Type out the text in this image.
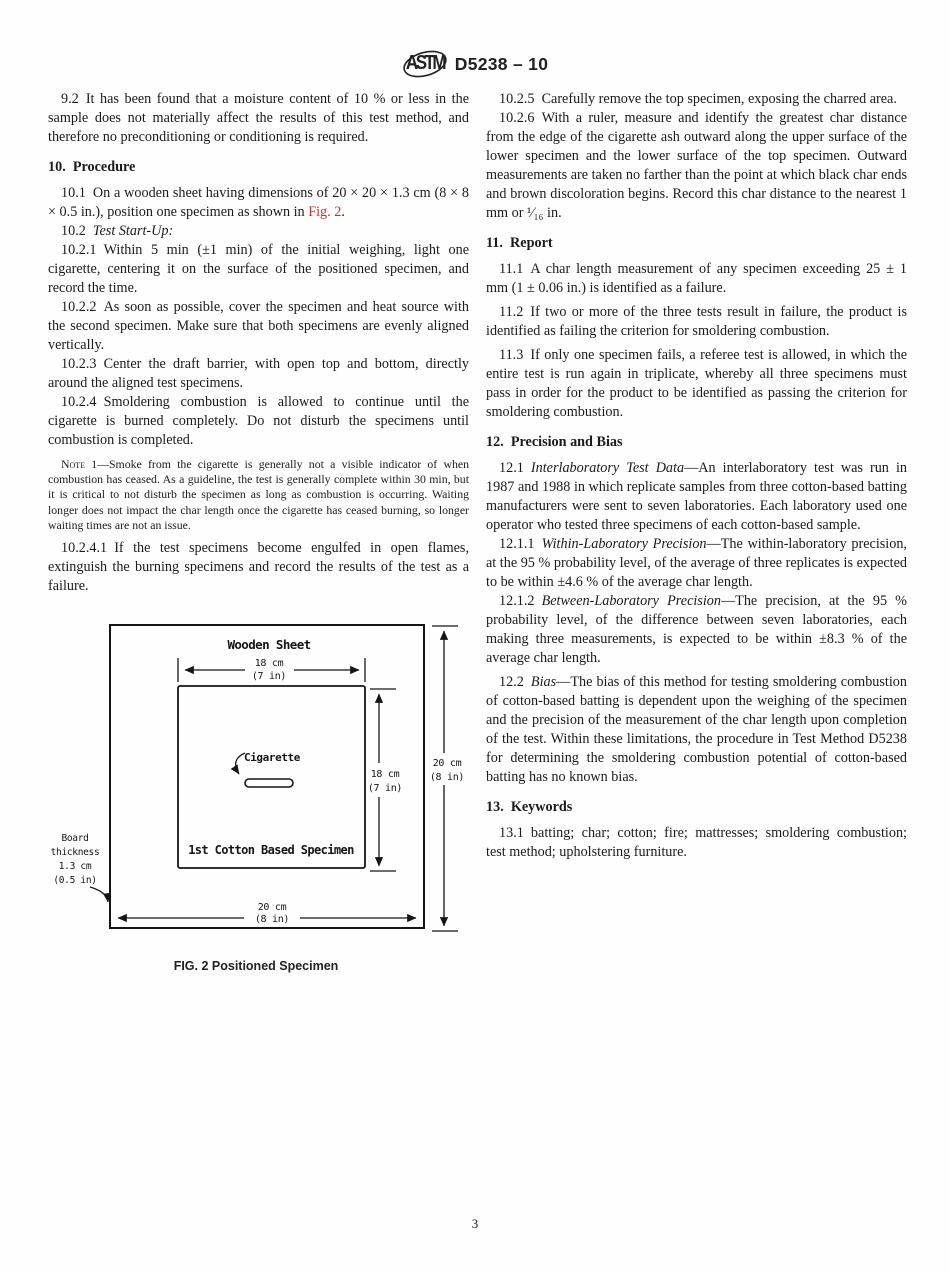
ASTM D5238 – 10

9.2 It has been found that a moisture content of 10 % or less in the sample does not materially affect the results of this test method, and therefore no preconditioning or conditioning is required.

10. Procedure

10.1 On a wooden sheet having dimensions of 20 × 20 × 1.3 cm (8 × 8 × 0.5 in.), position one specimen as shown in Fig. 2.

10.2 Test Start-Up:

10.2.1 Within 5 min (±1 min) of the initial weighing, light one cigarette, centering it on the surface of the positioned specimen, and record the time.

10.2.2 As soon as possible, cover the specimen and heat source with the second specimen. Make sure that both specimens are evenly aligned vertically.

10.2.3 Center the draft barrier, with open top and bottom, directly around the aligned test specimens.

10.2.4 Smoldering combustion is allowed to continue until the cigarette is burned completely. Do not disturb the specimens until combustion is completed.

Note 1—Smoke from the cigarette is generally not a visible indicator of when combustion has ceased. As a guideline, the test is generally complete within 30 min, but it is critical to not disturb the specimen as long as combustion is occurring. Waiting longer does not impact the char length once the cigarette has ceased burning, so longer waiting times are not an issue.

10.2.4.1 If the test specimens become engulfed in open flames, extinguish the burning specimens and record the results of the test as a failure.

Wooden Sheet
18 cm
(7 in)
Cigarette
18 cm
(7 in)
20 cm
(8 in)
1st Cotton Based Specimen
20 cm
(8 in)
Board
thickness
1.3 cm
(0.5 in)
FIG. 2 Positioned Specimen

10.2.5 Carefully remove the top specimen, exposing the charred area.

10.2.6 With a ruler, measure and identify the greatest char distance from the edge of the cigarette ash outward along the upper surface of the lower specimen and the lower surface of the top specimen. Outward measurements are taken no farther than the point at which black char ends and brown discoloration begins. Record this char distance to the nearest 1 mm or ¹⁄₁₆ in.

11. Report

11.1 A char length measurement of any specimen exceeding 25 ± 1 mm (1 ± 0.06 in.) is identified as a failure.

11.2 If two or more of the three tests result in failure, the product is identified as failing the criterion for smoldering combustion.

11.3 If only one specimen fails, a referee test is allowed, in which the entire test is run again in triplicate, whereby all three specimens must pass in order for the product to be identified as passing the criterion for smoldering combustion.

12. Precision and Bias

12.1 Interlaboratory Test Data—An interlaboratory test was run in 1987 and 1988 in which replicate samples from three cotton-based batting manufacturers were sent to seven laboratories. Each laboratory used one operator who tested three specimens of each cotton-based sample.

12.1.1 Within-Laboratory Precision—The within-laboratory precision, at the 95 % probability level, of the average of three replicates is expected to be within ±4.6 % of the average char length.

12.1.2 Between-Laboratory Precision—The precision, at the 95 % probability level, of the difference between seven laboratories, each making three measurements, is expected to be within ±8.3 % of the average char length.

12.2 Bias—The bias of this method for testing smoldering combustion of cotton-based batting is dependent upon the weighing of the specimen and the precision of the measurement of the char length upon completion of the test. Within these limitations, the procedure in Test Method D5238 for determining the smoldering combustion potential of cotton-based batting has no known bias.

13. Keywords

13.1 batting; char; cotton; fire; mattresses; smoldering combustion; test method; upholstering furniture.

3
